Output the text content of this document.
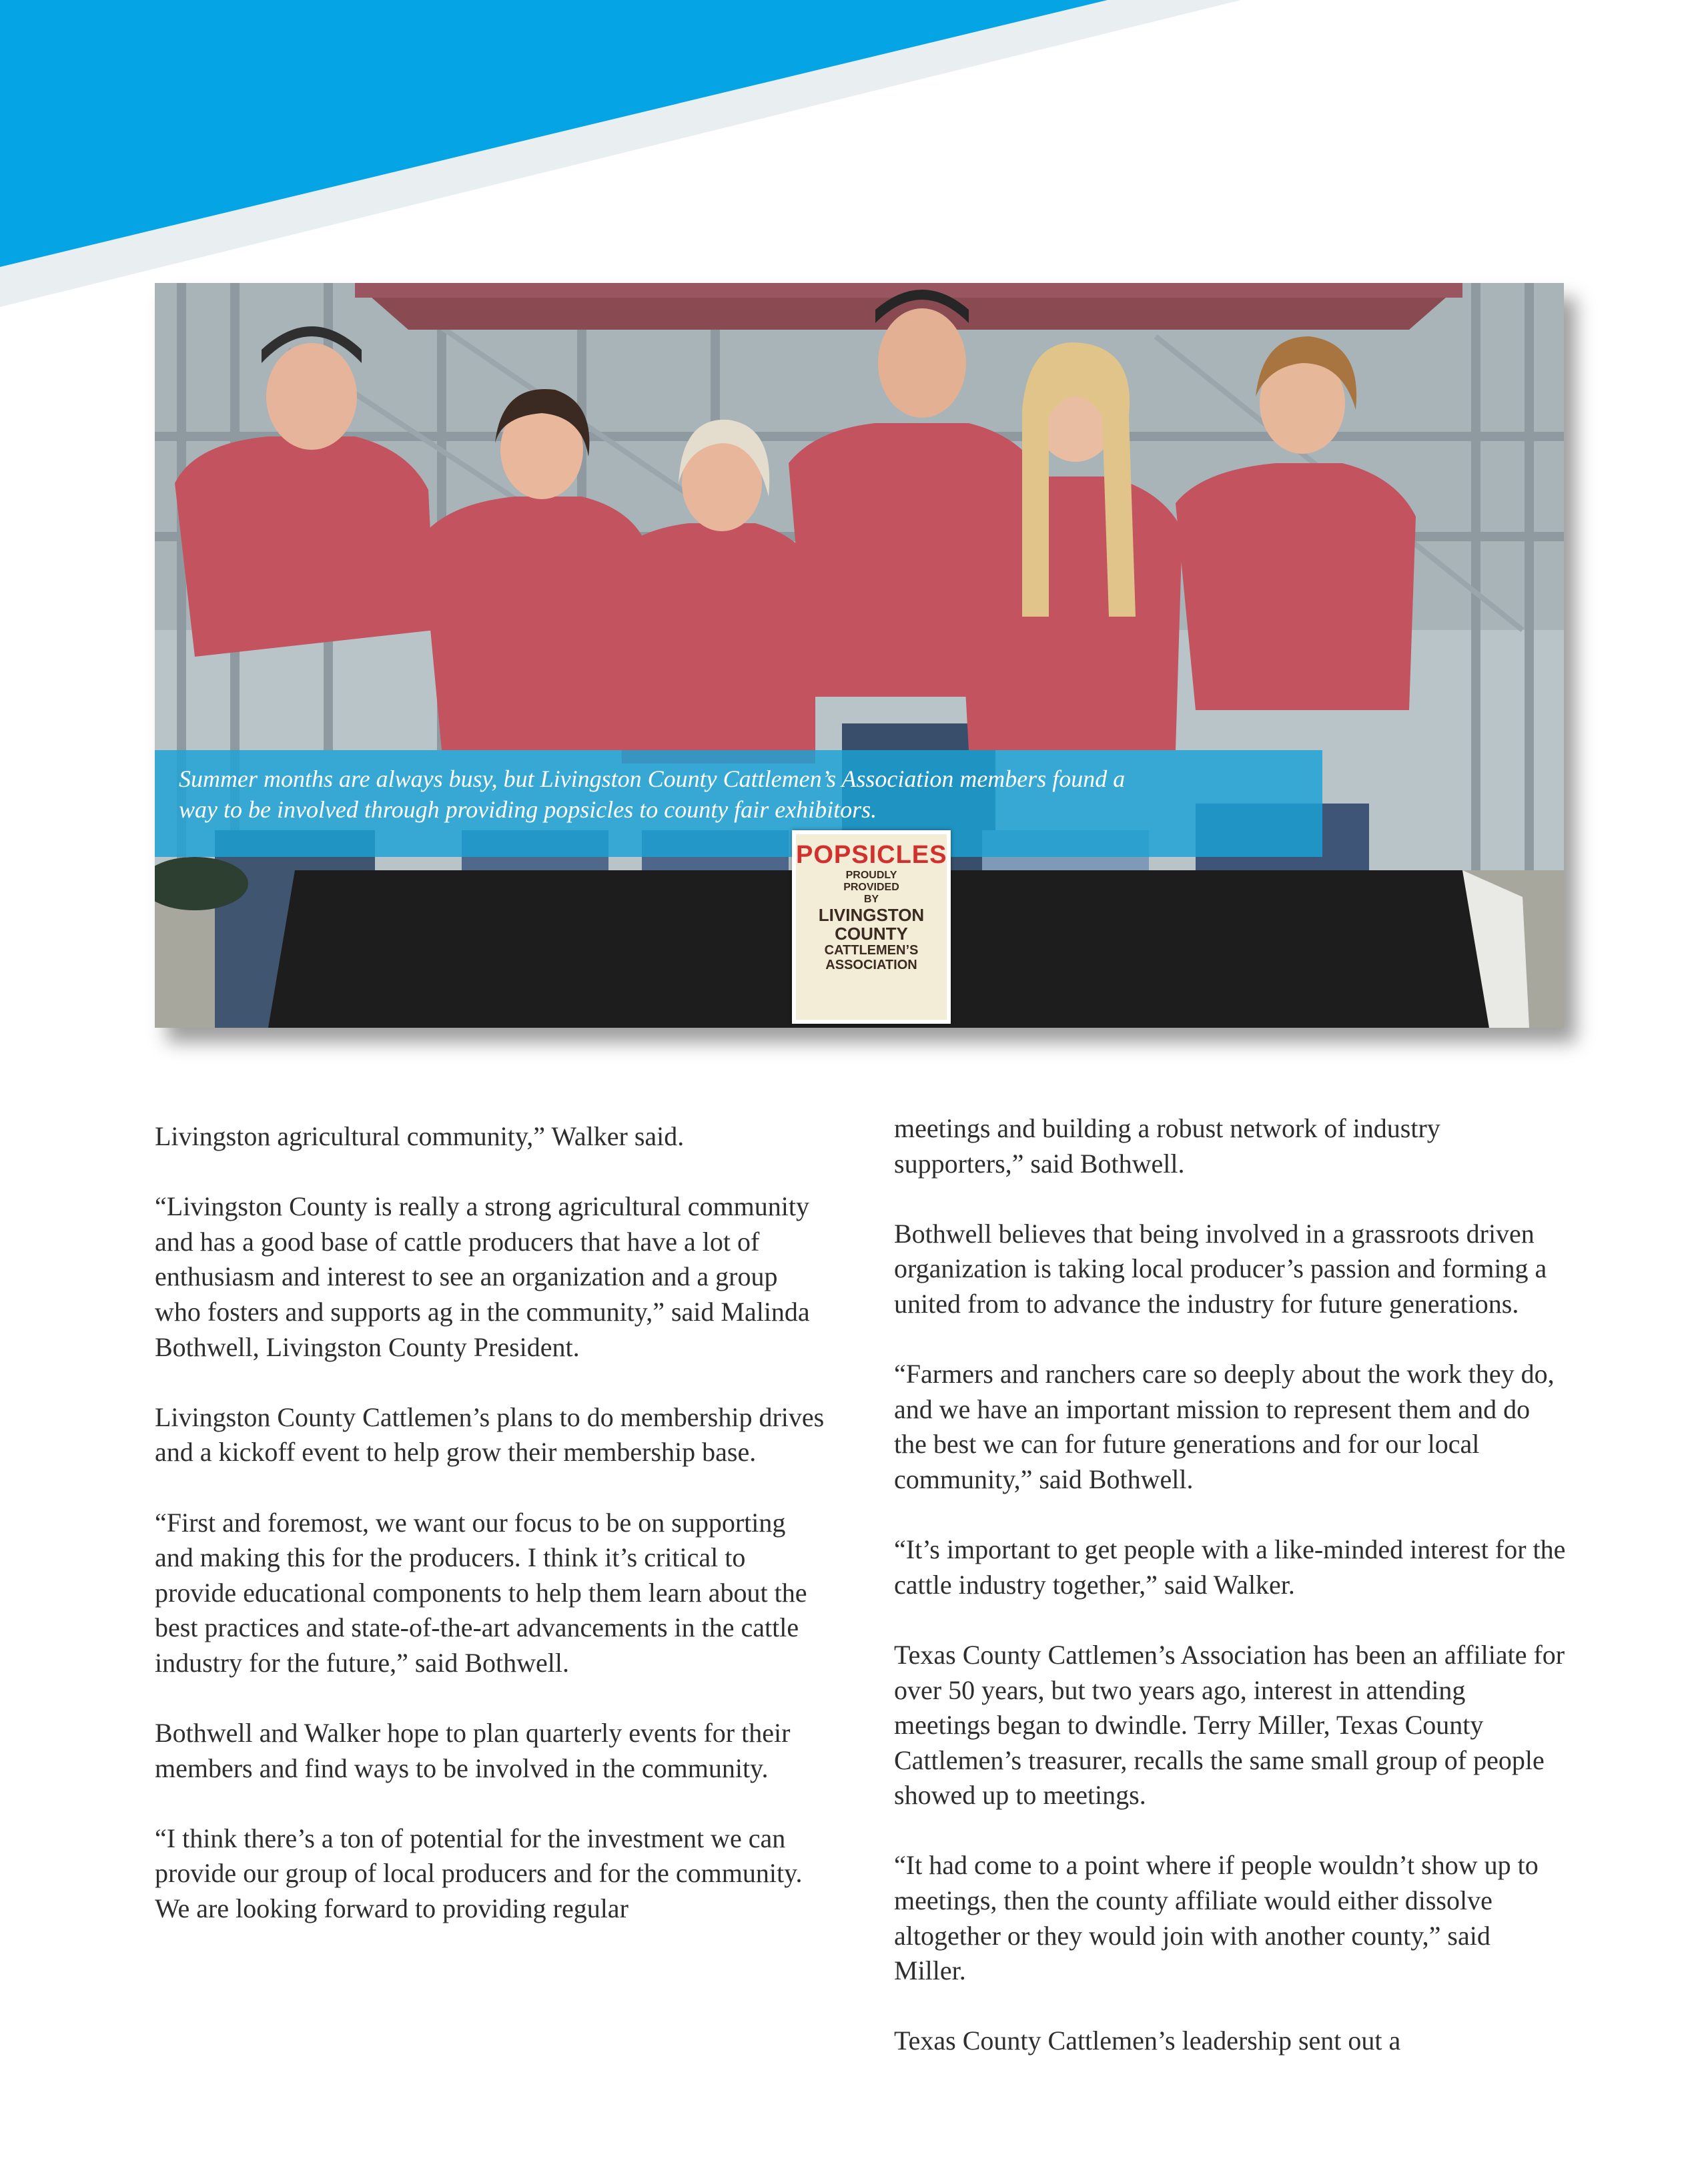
Summer months are always busy, but Livingston County Cattlemen’s Association members found a
way to be involved through providing popsicles to county fair exhibitors.
POPSICLES
PROUDLY
PROVIDED
BY
LIVINGSTON
COUNTY
CATTLEMEN’S
ASSOCIATION

Livingston agricultural community,” Walker said.

“Livingston County is really a strong agricultural community and has a good base of cattle producers that have a lot of enthusiasm and interest to see an organization and a group who fosters and supports ag in the community,” said Malinda Bothwell, Livingston County President.

Livingston County Cattlemen’s plans to do membership drives and a kickoff event to help grow their membership base.

“First and foremost, we want our focus to be on supporting and making this for the producers. I think it’s critical to provide educational components to help them learn about the best practices and state-of-the-art advancements in the cattle industry for the future,” said Bothwell.

Bothwell and Walker hope to plan quarterly events for their members and find ways to be involved in the community.

“I think there’s a ton of potential for the investment we can provide our group of local producers and for the community. We are looking forward to providing regular

meetings and building a robust network of industry supporters,” said Bothwell.

Bothwell believes that being involved in a grassroots driven organization is taking local producer’s passion and forming a united from to advance the industry for future generations.

“Farmers and ranchers care so deeply about the work they do, and we have an important mission to represent them and do the best we can for future generations and for our local community,” said Bothwell.

“It’s important to get people with a like-minded interest for the cattle industry together,” said Walker.

Texas County Cattlemen’s Association has been an affiliate for over 50 years, but two years ago, interest in attending meetings began to dwindle. Terry Miller, Texas County Cattlemen’s treasurer, recalls the same small group of people showed up to meetings.

“It had come to a point where if people wouldn’t show up to meetings, then the county affiliate would either dissolve altogether or they would join with another county,” said Miller.

Texas County Cattlemen’s leadership sent out a
